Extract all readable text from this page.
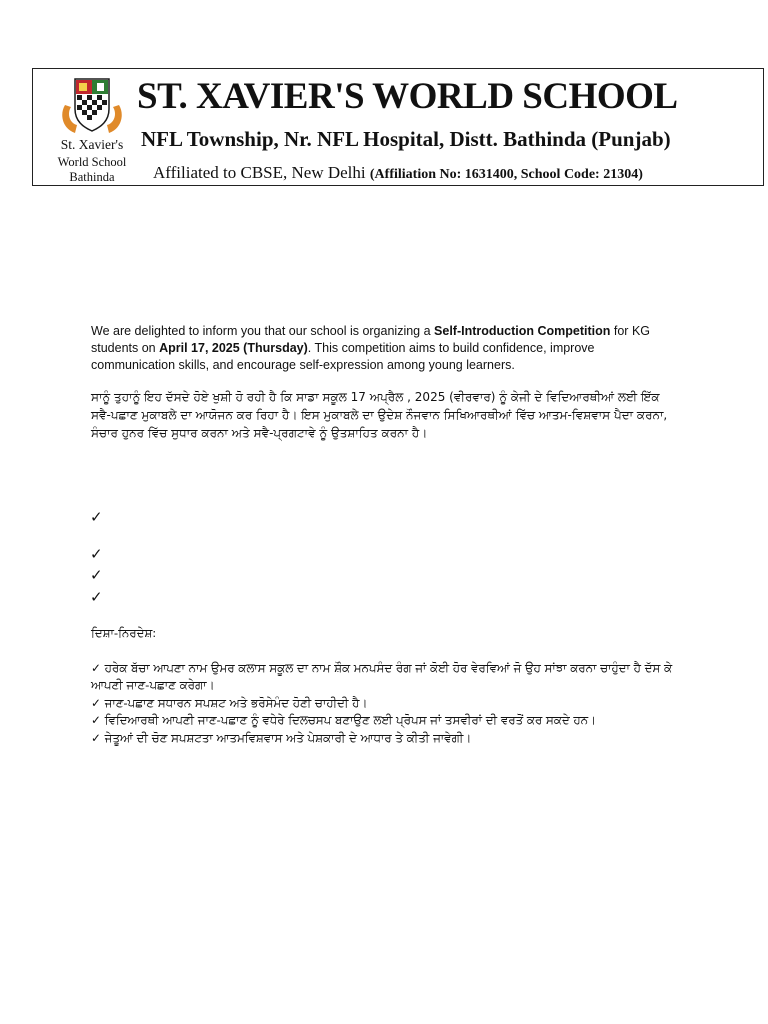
St. Xavier's
World School
Bathinda
ST. XAVIER'S WORLD SCHOOL
NFL Township, Nr. NFL Hospital, Distt. Bathinda (Punjab)
Affiliated to CBSE, New Delhi (Affiliation No: 1631400, School Code: 21304)

We are delighted to inform you that our school is organizing a Self-Introduction Competition for KG students on April 17, 2025 (Thursday). This competition aims to build confidence, improve communication skills, and encourage self-expression among young learners.

ਸਾਨੂੰ ਤੁਹਾਨੂੰ ਇਹ ਦੱਸਦੇ ਹੋਏ ਖੁਸ਼ੀ ਹੋ ਰਹੀ ਹੈ ਕਿ ਸਾਡਾ ਸਕੂਲ 17 ਅਪ੍ਰੈਲ , 2025 (ਵੀਰਵਾਰ) ਨੂੰ ਕੇਜੀ ਦੇ ਵਿਦਿਆਰਥੀਆਂ ਲਈ ਇੱਕ ਸਵੈ-ਪਛਾਣ ਮੁਕਾਬਲੇ ਦਾ ਆਯੋਜਨ ਕਰ ਰਿਹਾ ਹੈ। ਇਸ ਮੁਕਾਬਲੇ ਦਾ ਉਦੇਸ਼ ਨੌਜਵਾਨ ਸਿਖਿਆਰਥੀਆਂ ਵਿੱਚ ਆਤਮ-ਵਿਸ਼ਵਾਸ ਪੈਦਾ ਕਰਨਾ, ਸੰਚਾਰ ਹੁਨਰ ਵਿੱਚ ਸੁਧਾਰ ਕਰਨਾ ਅਤੇ ਸਵੈ-ਪ੍ਰਗਟਾਵੇ ਨੂੰ ਉਤਸ਼ਾਹਿਤ ਕਰਨਾ ਹੈ।

✓
✓
✓
✓
ਦਿਸ਼ਾ-ਨਿਰਦੇਸ਼:

✓ ਹਰੇਕ ਬੱਚਾ ਆਪਣਾ ਨਾਮ ਉਮਰ ਕਲਾਸ ਸਕੂਲ ਦਾ ਨਾਮ ਸ਼ੌਕ ਮਨਪਸੰਦ ਰੰਗ ਜਾਂ ਕੋਈ ਹੋਰ ਵੇਰਵਿਆਂ ਜੋ ਉਹ ਸਾਂਝਾ ਕਰਨਾ ਚਾਹੁੰਦਾ ਹੈ ਦੱਸ ਕੇ ਆਪਣੀ ਜਾਣ-ਪਛਾਣ ਕਰੇਗਾ।

✓ ਜਾਣ-ਪਛਾਣ ਸਧਾਰਨ ਸਪਸ਼ਟ ਅਤੇ ਭਰੋਸੇਮੰਦ ਹੋਣੀ ਚਾਹੀਦੀ ਹੈ।

✓ ਵਿਦਿਆਰਥੀ ਆਪਣੀ ਜਾਣ-ਪਛਾਣ ਨੂੰ ਵਧੇਰੇ ਦਿਲਚਸਪ ਬਣਾਉਣ ਲਈ ਪ੍ਰੋਪਸ ਜਾਂ ਤਸਵੀਰਾਂ ਦੀ ਵਰਤੋਂ ਕਰ ਸਕਦੇ ਹਨ।

✓ ਜੇਤੂਆਂ ਦੀ ਚੋਣ ਸਪਸ਼ਟਤਾ ਆਤਮਵਿਸ਼ਵਾਸ ਅਤੇ ਪੇਸ਼ਕਾਰੀ ਦੇ ਆਧਾਰ ਤੇ ਕੀਤੀ ਜਾਵੇਗੀ।
